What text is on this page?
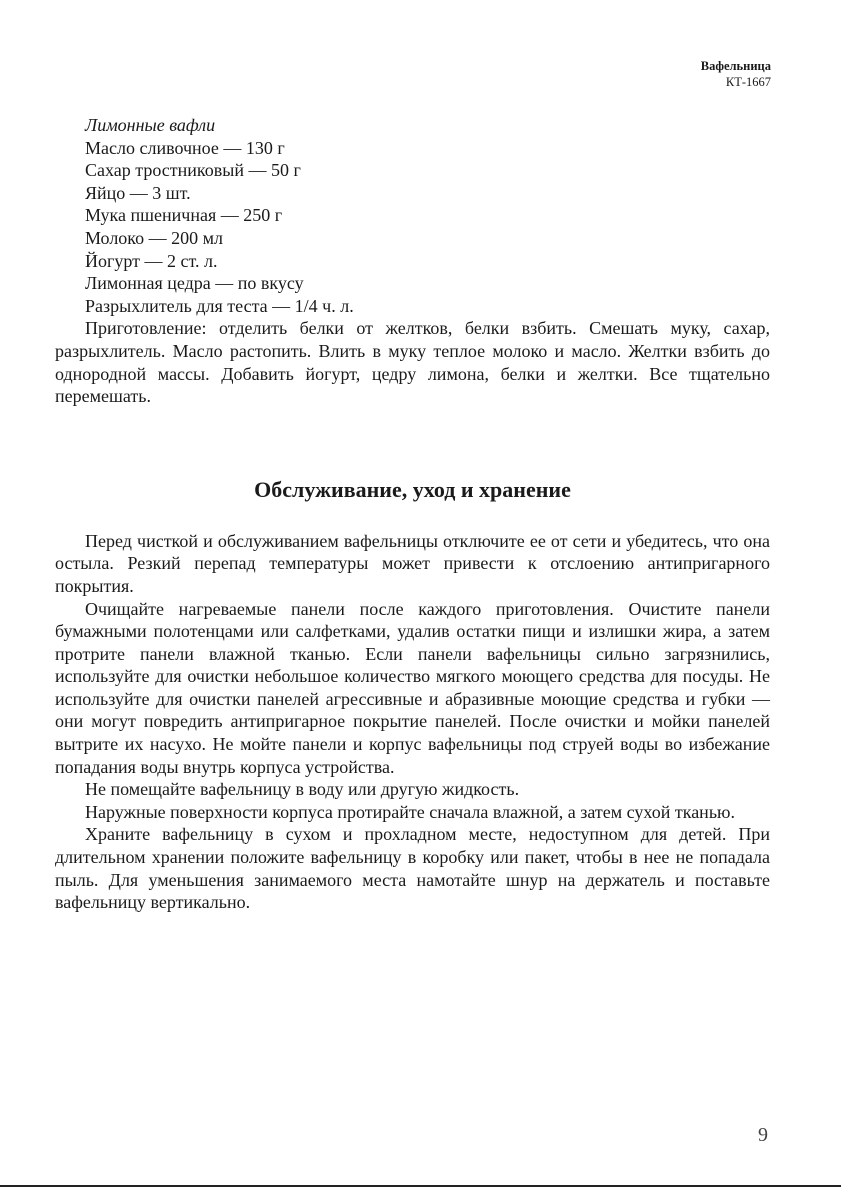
Вафельница
КТ-1667
Лимонные вафли
Масло сливочное — 130 г
Сахар тростниковый — 50 г
Яйцо — 3 шт.
Мука пшеничная — 250 г
Молоко — 200 мл
Йогурт — 2 ст. л.
Лимонная цедра — по вкусу
Разрыхлитель для теста — 1/4 ч. л.

Приготовление: отделить белки от желтков, белки взбить. Смешать муку, сахар, разрыхлитель. Масло растопить. Влить в муку теплое молоко и масло. Желтки взбить до однородной массы. Добавить йогурт, цедру лимона, белки и желтки. Все тщательно перемешать.

Обслуживание, уход и хранение

Перед чисткой и обслуживанием вафельницы отключите ее от сети и убедитесь, что она остыла. Резкий перепад температуры может привести к отслоению антипригарного покрытия.

Очищайте нагреваемые панели после каждого приготовления. Очистите панели бумажными полотенцами или салфетками, удалив остатки пищи и излишки жира, а затем протрите панели влажной тканью. Если панели вафельницы сильно загрязнились, используйте для очистки небольшое количество мягкого моющего средства для посуды. Не используйте для очистки панелей агрессивные и абразивные моющие средства и губки — они могут повредить антипригарное покрытие панелей. После очистки и мойки панелей вытрите их насухо. Не мойте панели и корпус вафельницы под струей воды во избежание попадания воды внутрь корпуса устройства.

Не помещайте вафельницу в воду или другую жидкость.

Наружные поверхности корпуса протирайте сначала влажной, а затем сухой тканью.

Храните вафельницу в сухом и прохладном месте, недоступном для детей. При длительном хранении положите вафельницу в коробку или пакет, чтобы в нее не попадала пыль. Для уменьшения занимаемого места намотайте шнур на держатель и поставьте вафельницу вертикально.

9
